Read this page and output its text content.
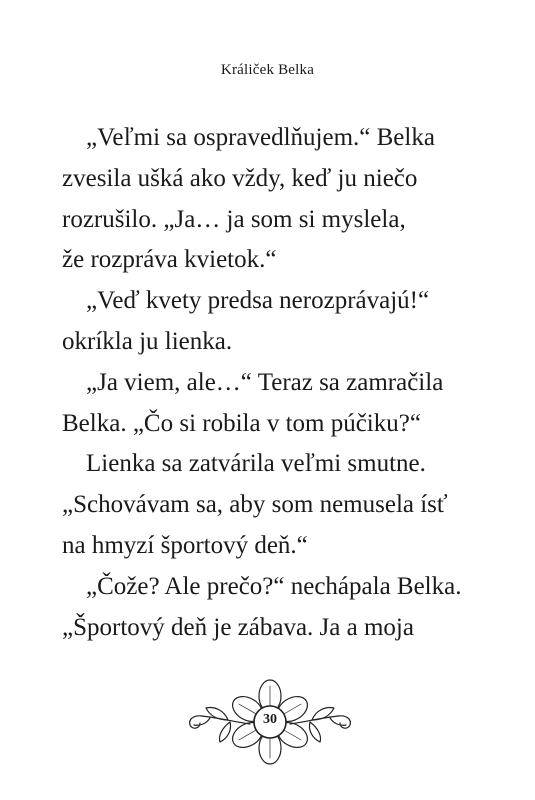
Králiček Belka
„Veľmi sa ospravedlňujem.“ Belka
zvesila ušká ako vždy, keď ju niečo
rozrušilo. „Ja… ja som si myslela,
že rozpráva kvietok.“
„Veď kvety predsa nerozprávajú!“
okríkla ju lienka.
„Ja viem, ale…“ Teraz sa zamračila
Belka. „Čo si robila v tom púčiku?“
Lienka sa zatvárila veľmi smutne.
„Schovávam sa, aby som nemusela ísť
na hmyzí športový deň.“
„Čože? Ale prečo?“ nechápala Belka.
„Športový deň je zábava. Ja a moja
30
